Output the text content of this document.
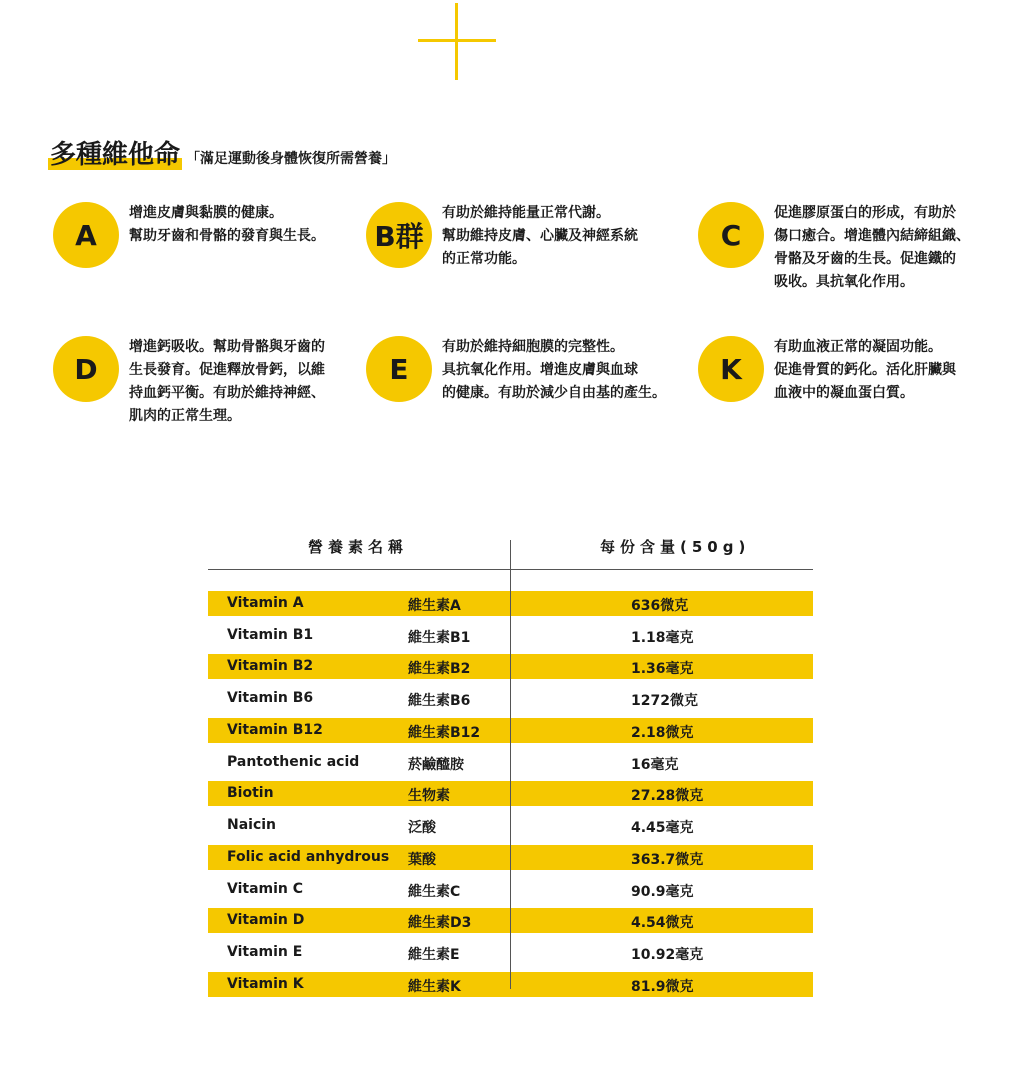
多種維他命 「滿足運動後身體恢復所需營養」
A
增進皮膚與黏膜的健康。
幫助牙齒和骨骼的發育與生長。 B群
有助於維持能量正常代謝。
幫助維持皮膚、心臟及神經系統
的正常功能。
C
促進膠原蛋白的形成，有助於
傷口癒合。增進體內結締組織、
骨骼及牙齒的生長。促進鐵的
吸收。具抗氧化作用。
D
增進鈣吸收。幫助骨骼與牙齒的
生長發育。促進釋放骨鈣，以維
持血鈣平衡。有助於維持神經、
肌肉的正常生理。
E
有助於維持細胞膜的完整性。
具抗氧化作用。增進皮膚與血球
的健康。有助於減少自由基的產生。
K
有助血液正常的凝固功能。
促進骨質的鈣化。活化肝臟與
血液中的凝血蛋白質。
營養素名稱	每份含量(50g)
Vitamin A	維生素A	636微克
Vitamin B1	維生素B1	1.18毫克
Vitamin B2	維生素B2	1.36毫克
Vitamin B6	維生素B6	1272微克
Vitamin B12	維生素B12	2.18微克
Pantothenic acid	菸鹼醯胺	16毫克
Biotin	生物素	27.28微克
Naicin	泛酸	4.45毫克
Folic acid anhydrous 葉酸	363.7微克
Vitamin C	維生素C	90.9毫克
Vitamin D	維生素D3	4.54微克
Vitamin E	維生素E	10.92毫克
Vitamin K	維生素K	81.9微克
